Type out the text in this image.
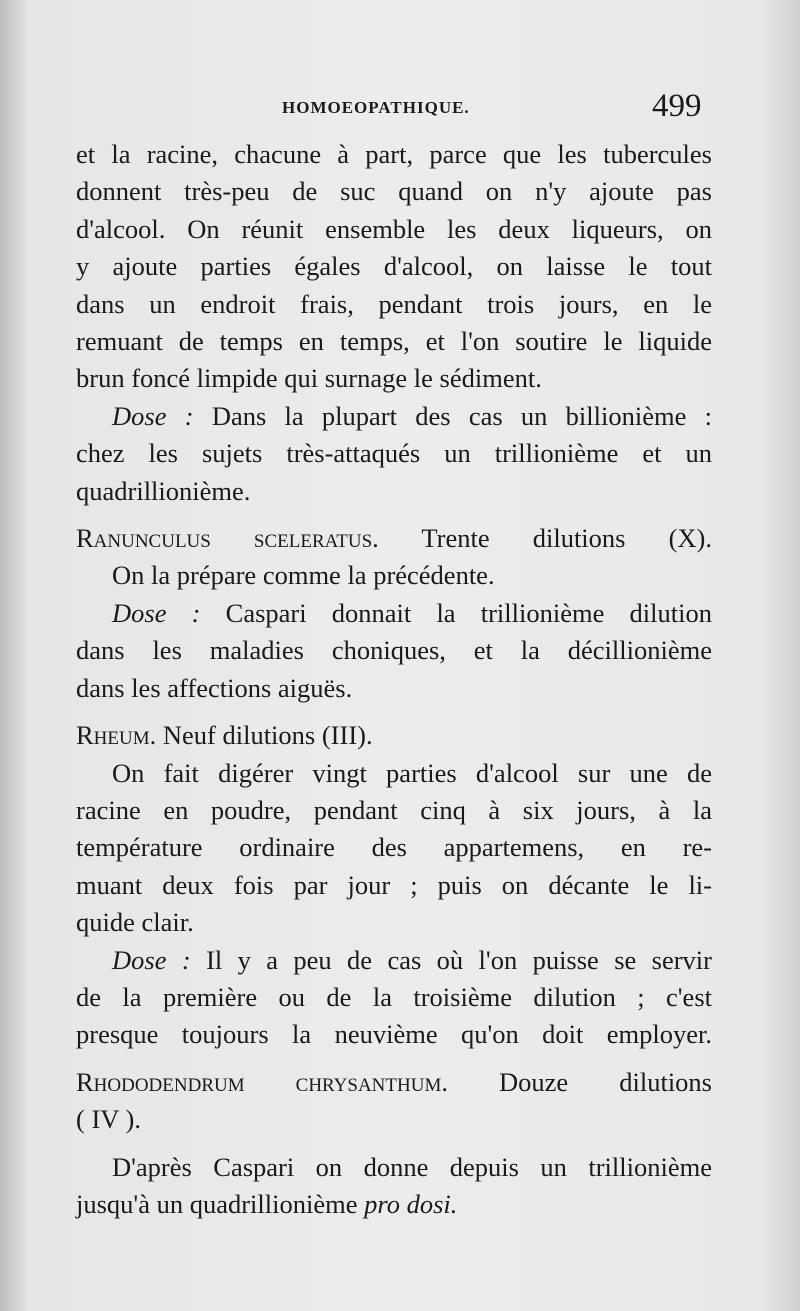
HOMOEOPATHIQUE.	499
et la racine, chacune à part, parce que les tubercules
donnent très-peu de suc quand on n'y ajoute pas
d'alcool. On réunit ensemble les deux liqueurs, on
y ajoute parties égales d'alcool, on laisse le tout
dans un endroit frais, pendant trois jours, en le
remuant de temps en temps, et l'on soutire le liquide
brun foncé limpide qui surnage le sédiment.
Dose : Dans la plupart des cas un billionième :
chez les sujets très-attaqués un trillionième et un
quadrillionième.
Ranunculus sceleratus. Trente dilutions (X).
On la prépare comme la précédente.
Dose : Caspari donnait la trillionième dilution
dans les maladies choniques, et la décillionième
dans les affections aiguës.
Rheum. Neuf dilutions (III).
On fait digérer vingt parties d'alcool sur une de
racine en poudre, pendant cinq à six jours, à la
température ordinaire des appartemens, en re-
muant deux fois par jour ; puis on décante le li-
quide clair.
Dose : Il y a peu de cas où l'on puisse se servir
de la première ou de la troisième dilution ; c'est
presque toujours la neuvième qu'on doit employer.
Rhododendrum chrysanthum. Douze dilutions
( IV ).
D'après Caspari on donne depuis un trillionième
jusqu'à un quadrillionième pro dosi.
